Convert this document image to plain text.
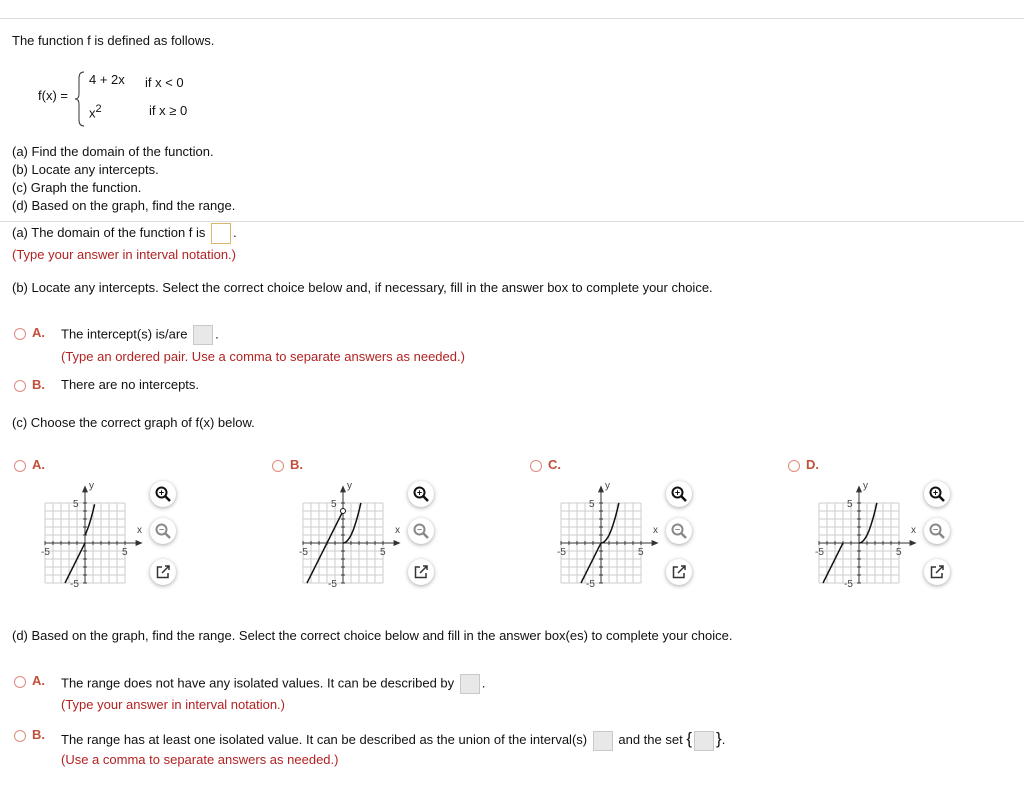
The function f is defined as follows.
f(x) =
4 + 2x if x < 0
$x^2$	if x ≥ 0
(a) Find the domain of the function.
(b) Locate any intercepts.
(c) Graph the function.
(d) Based on the graph, find the range.
(a) The domain of the function f is .
(Type your answer in interval notation.)
(b) Locate any intercepts. Select the correct choice below and, if necessary, fill in the answer box to complete your choice.
A. The intercept(s) is/are .
(Type an ordered pair. Use a comma to separate answers as needed.)
B. There are no intercepts.
(c) Choose the correct graph of f(x) below.
A.
-5	5
5
-5
x
y
+
−
B.
-5	5
5
-5
x
y
+
−
C.
-5	5
5
-5
x
y
+
−
D.
-5	5
5
-5
x
y
+
−
(d) Based on the graph, find the range. Select the correct choice below and fill in the answer box(es) to complete your choice.
A. The range does not have any isolated values. It can be described by .
(Type your answer in interval notation.)
B. The range has at least one isolated value. It can be described as the union of the interval(s) and the set { }.
(Use a comma to separate answers as needed.)
